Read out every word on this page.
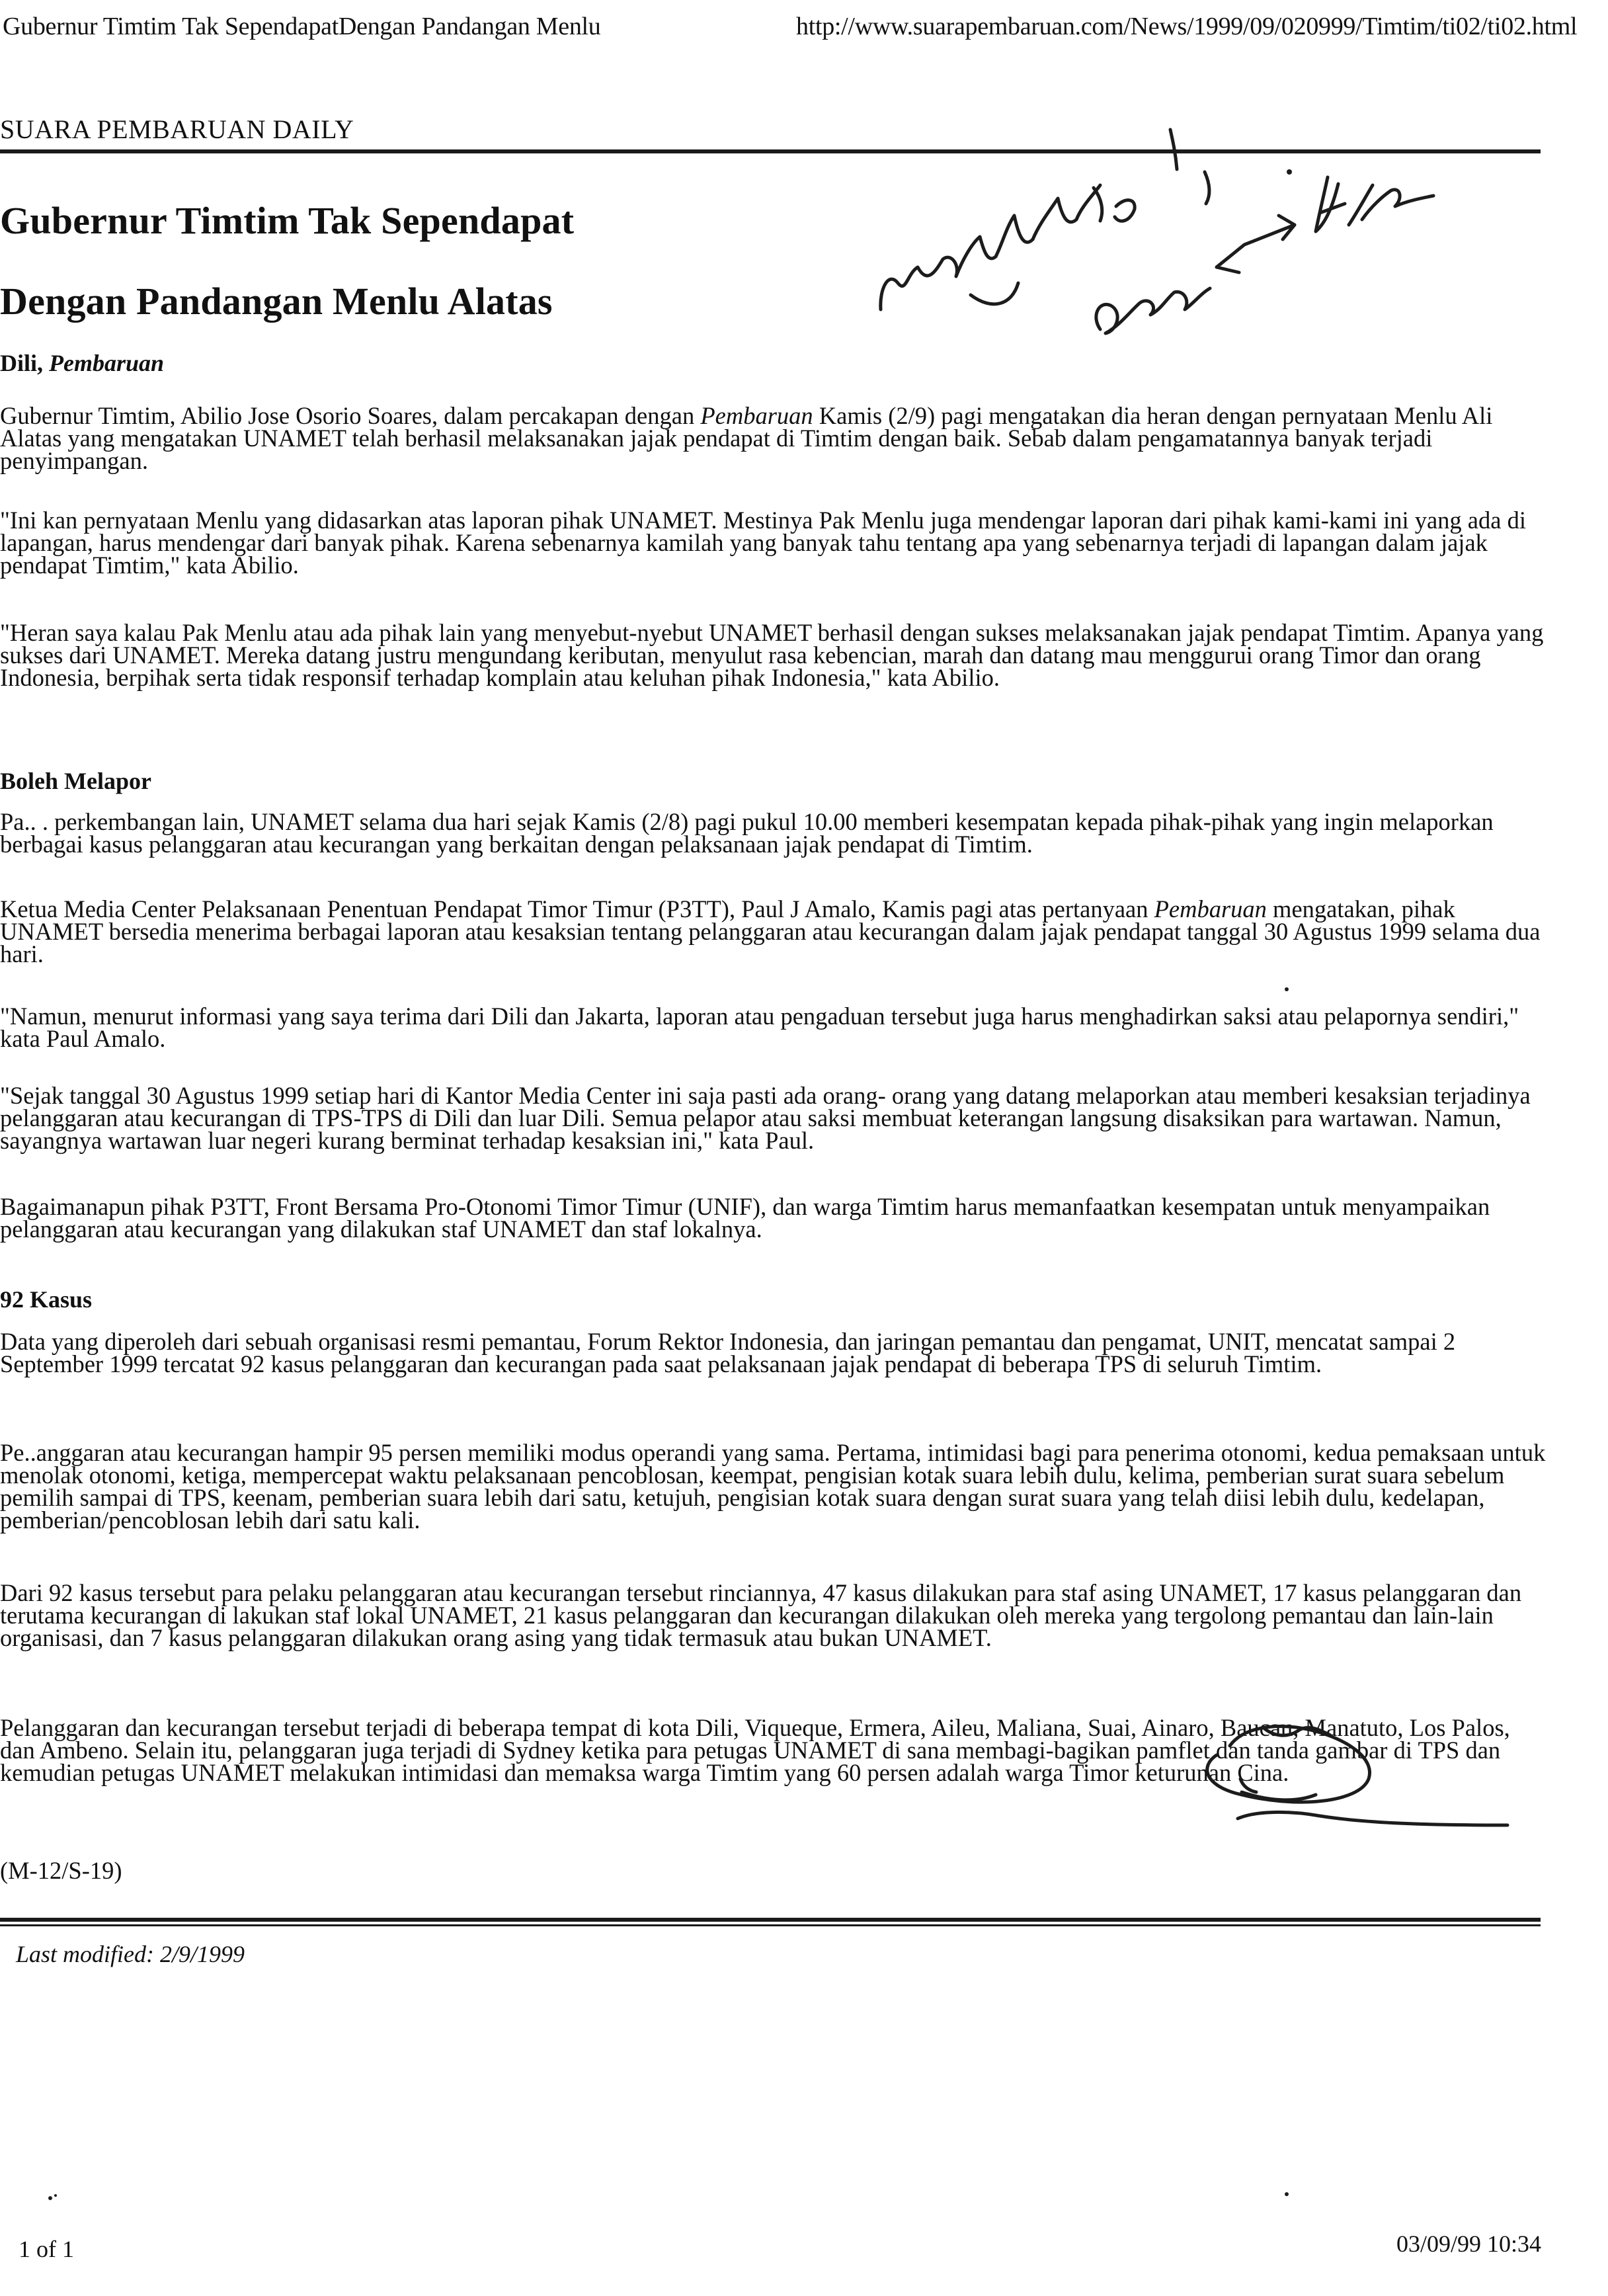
Gubernur Timtim Tak SependapatDengan Pandangan Menlu	http://www.suarapembaruan.com/News/1999/09/020999/Timtim/ti02/ti02.html
SUARA PEMBARUAN DAILY
Gubernur Timtim Tak Sependapat
Dengan Pandangan Menlu Alatas
Dili, Pembaruan

Gubernur Timtim, Abilio Jose Osorio Soares, dalam percakapan dengan Pembaruan Kamis (2/9) pagi mengatakan dia heran dengan pernyataan Menlu Ali Alatas yang mengatakan UNAMET telah berhasil melaksanakan jajak pendapat di Timtim dengan baik. Sebab dalam pengamatannya banyak terjadi penyimpangan.

"Ini kan pernyataan Menlu yang didasarkan atas laporan pihak UNAMET. Mestinya Pak Menlu juga mendengar laporan dari pihak kami-kami ini yang ada di lapangan, harus mendengar dari banyak pihak. Karena sebenarnya kamilah yang banyak tahu tentang apa yang sebenarnya terjadi di lapangan dalam jajak pendapat Timtim," kata Abilio.

"Heran saya kalau Pak Menlu atau ada pihak lain yang menyebut-nyebut UNAMET berhasil dengan sukses melaksanakan jajak pendapat Timtim. Apanya yang sukses dari UNAMET. Mereka datang justru mengundang keributan, menyulut rasa kebencian, marah dan datang mau menggurui orang Timor dan orang Indonesia, berpihak serta tidak responsif terhadap komplain atau keluhan pihak Indonesia," kata Abilio.

Boleh Melapor

Pa.. . perkembangan lain, UNAMET selama dua hari sejak Kamis (2/8) pagi pukul 10.00 memberi kesempatan kepada pihak-pihak yang ingin melaporkan berbagai kasus pelanggaran atau kecurangan yang berkaitan dengan pelaksanaan jajak pendapat di Timtim.

Ketua Media Center Pelaksanaan Penentuan Pendapat Timor Timur (P3TT), Paul J Amalo, Kamis pagi atas pertanyaan Pembaruan mengatakan, pihak UNAMET bersedia menerima berbagai laporan atau kesaksian tentang pelanggaran atau kecurangan dalam jajak pendapat tanggal 30 Agustus 1999 selama dua hari.

"Namun, menurut informasi yang saya terima dari Dili dan Jakarta, laporan atau pengaduan tersebut juga harus menghadirkan saksi atau pelapornya sendiri," kata Paul Amalo.

"Sejak tanggal 30 Agustus 1999 setiap hari di Kantor Media Center ini saja pasti ada orang- orang yang datang melaporkan atau memberi kesaksian terjadinya pelanggaran atau kecurangan di TPS-TPS di Dili dan luar Dili. Semua pelapor atau saksi membuat keterangan langsung disaksikan para wartawan. Namun, sayangnya wartawan luar negeri kurang berminat terhadap kesaksian ini," kata Paul.

Bagaimanapun pihak P3TT, Front Bersama Pro-Otonomi Timor Timur (UNIF), dan warga Timtim harus memanfaatkan kesempatan untuk menyampaikan pelanggaran atau kecurangan yang dilakukan staf UNAMET dan staf lokalnya.

92 Kasus

Data yang diperoleh dari sebuah organisasi resmi pemantau, Forum Rektor Indonesia, dan jaringan pemantau dan pengamat, UNIT, mencatat sampai 2 September 1999 tercatat 92 kasus pelanggaran dan kecurangan pada saat pelaksanaan jajak pendapat di beberapa TPS di seluruh Timtim.

Pe..anggaran atau kecurangan hampir 95 persen memiliki modus operandi yang sama. Pertama, intimidasi bagi para penerima otonomi, kedua pemaksaan untuk menolak otonomi, ketiga, mempercepat waktu pelaksanaan pencoblosan, keempat, pengisian kotak suara lebih dulu, kelima, pemberian surat suara sebelum pemilih sampai di TPS, keenam, pemberian suara lebih dari satu, ketujuh, pengisian kotak suara dengan surat suara yang telah diisi lebih dulu, kedelapan, pemberian/pencoblosan lebih dari satu kali.

Dari 92 kasus tersebut para pelaku pelanggaran atau kecurangan tersebut rinciannya, 47 kasus dilakukan para staf asing UNAMET, 17 kasus pelanggaran dan terutama kecurangan di lakukan staf lokal UNAMET, 21 kasus pelanggaran dan kecurangan dilakukan oleh mereka yang tergolong pemantau dan lain-lain organisasi, dan 7 kasus pelanggaran dilakukan orang asing yang tidak termasuk atau bukan UNAMET.

Pelanggaran dan kecurangan tersebut terjadi di beberapa tempat di kota Dili, Viqueque, Ermera, Aileu, Maliana, Suai, Ainaro, Baucau, Manatuto, Los Palos, dan Ambeno. Selain itu, pelanggaran juga terjadi di Sydney ketika para petugas UNAMET di sana membagi-bagikan pamflet dan tanda gambar di TPS dan kemudian petugas UNAMET melakukan intimidasi dan memaksa warga Timtim yang 60 persen adalah warga Timor keturunan Cina.

(M-12/S-19)

Last modified: 2/9/1999
1 of 1	03/09/99 10:34
